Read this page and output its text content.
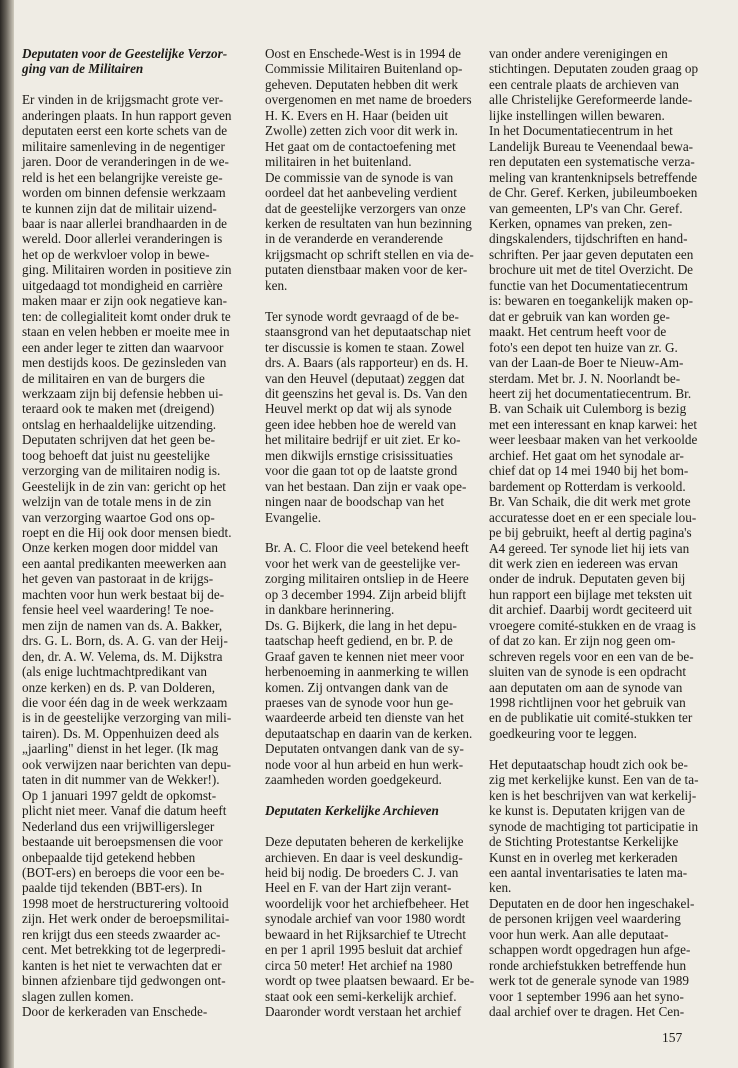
Deputaten voor de Geestelijke Verzor-
ging van de Militairen

Er vinden in de krijgsmacht grote ver-
anderingen plaats. In hun rapport geven
deputaten eerst een korte schets van de
militaire samenleving in de negentiger
jaren. Door de veranderingen in de we-
reld is het een belangrijke vereiste ge-
worden om binnen defensie werkzaam
te kunnen zijn dat de militair uizend-
baar is naar allerlei brandhaarden in de
wereld. Door allerlei veranderingen is
het op de werkvloer volop in bewe-
ging. Militairen worden in positieve zin
uitgedaagd tot mondigheid en carrière
maken maar er zijn ook negatieve kan-
ten: de collegialiteit komt onder druk te
staan en velen hebben er moeite mee in
een ander leger te zitten dan waarvoor
men destijds koos. De gezinsleden van
de militairen en van de burgers die
werkzaam zijn bij defensie hebben ui-
teraard ook te maken met (dreigend)
ontslag en herhaaldelijke uitzending.
Deputaten schrijven dat het geen be-
toog behoeft dat juist nu geestelijke
verzorging van de militairen nodig is.
Geestelijk in de zin van: gericht op het
welzijn van de totale mens in de zin
van verzorging waartoe God ons op-
roept en die Hij ook door mensen biedt.
Onze kerken mogen door middel van
een aantal predikanten meewerken aan
het geven van pastoraat in de krijgs-
machten voor hun werk bestaat bij de-
fensie heel veel waardering! Te noe-
men zijn de namen van ds. A. Bakker,
drs. G. L. Born, ds. A. G. van der Heij-
den, dr. A. W. Velema, ds. M. Dijkstra
(als enige luchtmachtpredikant van
onze kerken) en ds. P. van Dolderen,
die voor één dag in de week werkzaam
is in de geestelijke verzorging van mili-
tairen). Ds. M. Oppenhuizen deed als
„jaarling" dienst in het leger. (Ik mag
ook verwijzen naar berichten van depu-
taten in dit nummer van de Wekker!).
Op 1 januari 1997 geldt de opkomst-
plicht niet meer. Vanaf die datum heeft
Nederland dus een vrijwilligersleger
bestaande uit beroepsmensen die voor
onbepaalde tijd getekend hebben
(BOT-ers) en beroeps die voor een be-
paalde tijd tekenden (BBT-ers). In
1998 moet de herstructurering voltooid
zijn. Het werk onder de beroepsmilitai-
ren krijgt dus een steeds zwaarder ac-
cent. Met betrekking tot de legerpredi-
kanten is het niet te verwachten dat er
binnen afzienbare tijd gedwongen ont-
slagen zullen komen.
Door de kerkeraden van Enschede-

Oost en Enschede-West is in 1994 de
Commissie Militairen Buitenland op-
geheven. Deputaten hebben dit werk
overgenomen en met name de broeders
H. K. Evers en H. Haar (beiden uit
Zwolle) zetten zich voor dit werk in.
Het gaat om de contactoefening met
militairen in het buitenland.
De commissie van de synode is van
oordeel dat het aanbeveling verdient
dat de geestelijke verzorgers van onze
kerken de resultaten van hun bezinning
in de veranderde en veranderende
krijgsmacht op schrift stellen en via de-
putaten dienstbaar maken voor de ker-
ken.

Ter synode wordt gevraagd of de be-
staansgrond van het deputaatschap niet
ter discussie is komen te staan. Zowel
drs. A. Baars (als rapporteur) en ds. H.
van den Heuvel (deputaat) zeggen dat
dit geenszins het geval is. Ds. Van den
Heuvel merkt op dat wij als synode
geen idee hebben hoe de wereld van
het militaire bedrijf er uit ziet. Er ko-
men dikwijls ernstige crisissituaties
voor die gaan tot op de laatste grond
van het bestaan. Dan zijn er vaak ope-
ningen naar de boodschap van het
Evangelie.

Br. A. C. Floor die veel betekend heeft
voor het werk van de geestelijke ver-
zorging militairen ontsliep in de Heere
op 3 december 1994. Zijn arbeid blijft
in dankbare herinnering.
Ds. G. Bijkerk, die lang in het depu-
taatschap heeft gediend, en br. P. de
Graaf gaven te kennen niet meer voor
herbenoeming in aanmerking te willen
komen. Zij ontvangen dank van de
praeses van de synode voor hun ge-
waardeerde arbeid ten dienste van het
deputaatschap en daarin van de kerken.
Deputaten ontvangen dank van de sy-
node voor al hun arbeid en hun werk-
zaamheden worden goedgekeurd.

Deputaten Kerkelijke Archieven

Deze deputaten beheren de kerkelijke
archieven. En daar is veel deskundig-
heid bij nodig. De broeders C. J. van
Heel en F. van der Hart zijn verant-
woordelijk voor het archiefbeheer. Het
synodale archief van voor 1980 wordt
bewaard in het Rijksarchief te Utrecht
en per 1 april 1995 besluit dat archief
circa 50 meter! Het archief na 1980
wordt op twee plaatsen bewaard. Er be-
staat ook een semi-kerkelijk archief.
Daaronder wordt verstaan het archief

van onder andere verenigingen en
stichtingen. Deputaten zouden graag op
een centrale plaats de archieven van
alle Christelijke Gereformeerde lande-
lijke instellingen willen bewaren.
In het Documentatiecentrum in het
Landelijk Bureau te Veenendaal bewa-
ren deputaten een systematische verza-
meling van krantenknipsels betreffende
de Chr. Geref. Kerken, jubileumboeken
van gemeenten, LP's van Chr. Geref.
Kerken, opnames van preken, zen-
dingskalenders, tijdschriften en hand-
schriften. Per jaar geven deputaten een
brochure uit met de titel Overzicht. De
functie van het Documentatiecentrum
is: bewaren en toegankelijk maken op-
dat er gebruik van kan worden ge-
maakt. Het centrum heeft voor de
foto's een depot ten huize van zr. G.
van der Laan-de Boer te Nieuw-Am-
sterdam. Met br. J. N. Noorlandt be-
heert zij het documentatiecentrum. Br.
B. van Schaik uit Culemborg is bezig
met een interessant en knap karwei: het
weer leesbaar maken van het verkoolde
archief. Het gaat om het synodale ar-
chief dat op 14 mei 1940 bij het bom-
bardement op Rotterdam is verkoold.
Br. Van Schaik, die dit werk met grote
accuratesse doet en er een speciale lou-
pe bij gebruikt, heeft al dertig pagina's
A4 gereed. Ter synode liet hij iets van
dit werk zien en iedereen was ervan
onder de indruk. Deputaten geven bij
hun rapport een bijlage met teksten uit
dit archief. Daarbij wordt geciteerd uit
vroegere comité-stukken en de vraag is
of dat zo kan. Er zijn nog geen om-
schreven regels voor en een van de be-
sluiten van de synode is een opdracht
aan deputaten om aan de synode van
1998 richtlijnen voor het gebruik van
en de publikatie uit comité-stukken ter
goedkeuring voor te leggen.

Het deputaatschap houdt zich ook be-
zig met kerkelijke kunst. Een van de ta-
ken is het beschrijven van wat kerkelij-
ke kunst is. Deputaten krijgen van de
synode de machtiging tot participatie in
de Stichting Protestantse Kerkelijke
Kunst en in overleg met kerkeraden
een aantal inventarisaties te laten ma-
ken.
Deputaten en de door hen ingeschakel-
de personen krijgen veel waardering
voor hun werk. Aan alle deputaat-
schappen wordt opgedragen hun afge-
ronde archiefstukken betreffende hun
werk tot de generale synode van 1989
voor 1 september 1996 aan het syno-
daal archief over te dragen. Het Cen-

157
